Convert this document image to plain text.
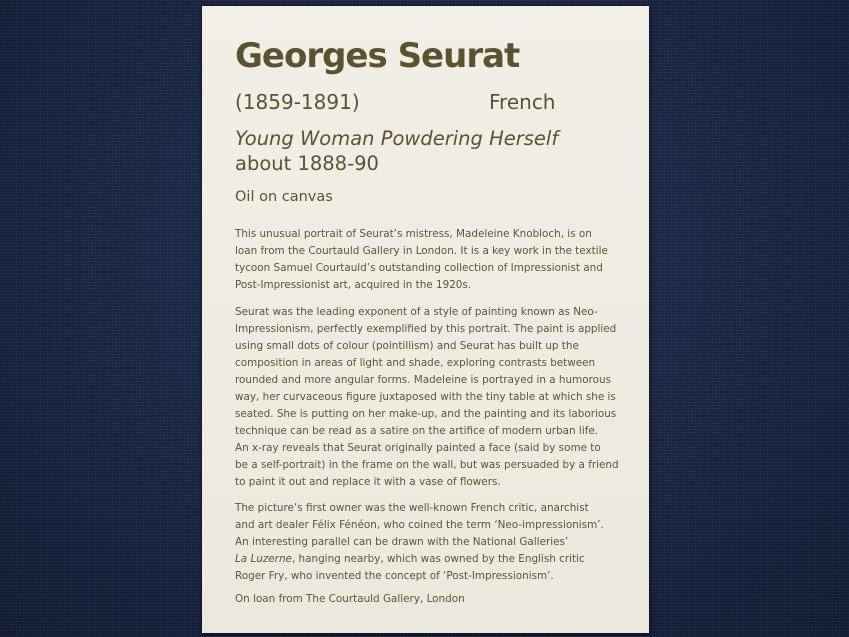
Georges Seurat
(1859-1891)	French
Young Woman Powdering Herself
about 1888-90
Oil on canvas
This unusual portrait of Seurat’s mistress, Madeleine Knobloch, is on
loan from the Courtauld Gallery in London. It is a key work in the textile
tycoon Samuel Courtauld’s outstanding collection of Impressionist and
Post-Impressionist art, acquired in the 1920s.
Seurat was the leading exponent of a style of painting known as Neo-
Impressionism, perfectly exemplified by this portrait. The paint is applied
using small dots of colour (pointillism) and Seurat has built up the
composition in areas of light and shade, exploring contrasts between
rounded and more angular forms. Madeleine is portrayed in a humorous
way, her curvaceous figure juxtaposed with the tiny table at which she is
seated. She is putting on her make-up, and the painting and its laborious
technique can be read as a satire on the artifice of modern urban life.
An x-ray reveals that Seurat originally painted a face (said by some to
be a self-portrait) in the frame on the wall, but was persuaded by a friend
to paint it out and replace it with a vase of flowers.
The picture’s first owner was the well-known French critic, anarchist
and art dealer Félix Fénéon, who coined the term ‘Neo-impressionism’.
An interesting parallel can be drawn with the National Galleries’
La Luzerne, hanging nearby, which was owned by the English critic
Roger Fry, who invented the concept of ‘Post-Impressionism’.
On loan from The Courtauld Gallery, London
